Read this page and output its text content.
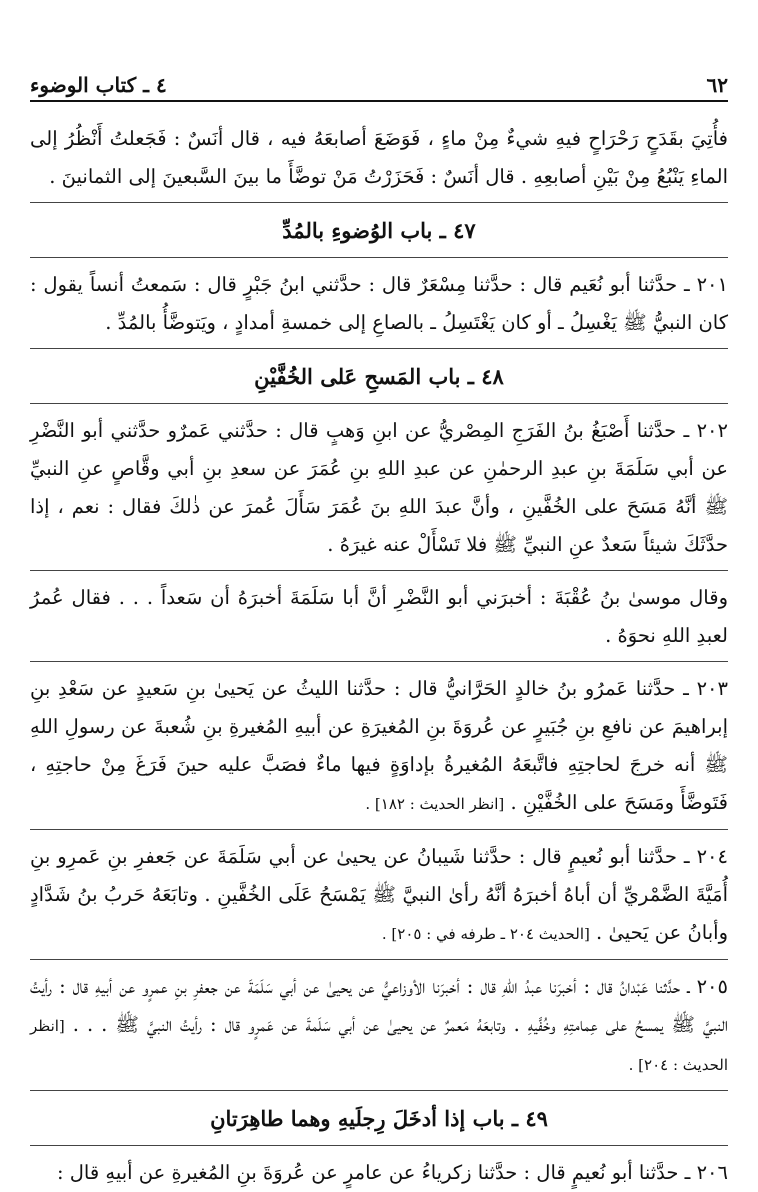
٤ ـ كتاب الوضوء	٦٢

فأُتِيَ بقَدَحٍ رَحْرَاحٍ فيهِ شيءٌ مِنْ ماءٍ ، فَوَضَعَ أصابعَهُ فيه ، قال أنَسٌ : فَجَعلتُ أَنْظُرُ إلى الماءِ يَنْبُعُ مِنْ بَيْنِ أصابعِهِ . قال أنَسٌ : فَحَزَرْتُ مَنْ توضَّأَ ما بينَ السَّبعينَ إلى الثمانينَ .

٤٧ ـ باب الوُضوءِ بالمُدِّ

٢٠١ ـ حدَّثنا أبو نُعَيم قال : حدَّثنا مِسْعَرٌ قال : حدَّثني ابنُ جَبْرٍ قال : سَمعتُ أنساً يقول : كان النبيُّ ﷺ يَغْسِلُ ـ أو كان يَغْتَسِلُ ـ بالصاعِ إلى خمسةِ أمدادٍ ، ويَتوضَّأُ بالمُدِّ .

٤٨ ـ باب المَسحِ عَلى الخُفَّيْنِ

٢٠٢ ـ حدَّثنا أَصْبَغُ بنُ الفَرَجِ المِصْريُّ عن ابنِ وَهبٍ قال : حدَّثني عَمرٌو حدَّثني أبو النَّضْرِ عن أبي سَلَمَةَ بنِ عبدِ الرحمٰنِ عن عبدِ اللهِ بنِ عُمَرَ عن سعدِ بنِ أبي وقَّاصٍ عنِ النبيِّ ﷺ أنَّهُ مَسَحَ على الخُفَّينِ ، وأنَّ عبدَ اللهِ بنَ عُمَرَ سَأَلَ عُمرَ عن ذٰلكَ فقال : نعم ، إذا حدَّثَكَ شيئاً سَعدٌ عنِ النبيِّ ﷺ فلا تَسْأَلْ عنه غيرَهُ .

وقال موسىٰ بنُ عُقْبَةَ : أخبرَني أبو النَّضْرِ أنَّ أبا سَلَمَةَ أخبرَهُ أن سَعداً . . . فقال عُمرُ لعبدِ اللهِ نحوَهُ .

٢٠٣ ـ حدَّثنا عَمرُو بنُ خالدٍ الحَرَّانيُّ قال : حدَّثنا الليثُ عن يَحيىٰ بنِ سَعيدٍ عن سَعْدِ بنِ إبراهيمَ عن نافعِ بنِ جُبَيرٍ عن عُروَةَ بنِ المُغيرَةِ عن أبيهِ المُغيرةِ بنِ شُعبةَ عن رسولِ اللهِ ﷺ أنه خرجَ لحاجتِهِ فاتَّبعَهُ المُغيرةُ بإداوَةٍ فيها ماءٌ فصَبَّ عليه حينَ فَرَغَ مِنْ حاجتِهِ ، فَتَوضَّأَ ومَسَحَ على الخُفَّيْنِ . [انظر الحديث : ١٨٢] .

٢٠٤ ـ حدَّثنا أبو نُعيمٍ قال : حدَّثنا شَيبانُ عن يحيىٰ عن أبي سَلَمَةَ عن جَعفرِ بنِ عَمرِو بنِ أُمَيَّةَ الضَّمْريِّ أن أباهُ أخبرَهُ أنَّهُ رأىٰ النبيَّ ﷺ يَمْسَحُ عَلَى الخُفَّينِ . وتابَعَهُ حَربُ بنُ شَدَّادٍ وأبانُ عن يَحيىٰ . [الحديث ٢٠٤ ـ طرفه في : ٢٠٥] .

٢٠٥ ـ حدَّثنا عَبْدانُ قال : أخبرَنا عبدُ اللهِ قال : أخبرَنا الأوزاعيُّ عن يحيىٰ عن أبي سَلَمَةَ عن جعفرِ بنِ عمرٍو عن أبيهِ قال : رأيتُ النبيَّ ﷺ يمسحُ على عِمامتِهِ وخُفَّيهِ . وتابعَهُ مَعمرٌ عن يحيىٰ عن أبي سَلَمةَ عن عَمرٍو قال : رأيتُ النبيَّ ﷺ . . . [انظر الحديث : ٢٠٤] .

٤٩ ـ باب إذا أدخَلَ رِجلَيهِ وهما طاهِرَتانِ

٢٠٦ ـ حدَّثنا أبو نُعيمٍ قال : حدَّثنا زكرياءُ عن عامرٍ عن عُروَةَ بنِ المُغيرةِ عن أبيهِ قال :
